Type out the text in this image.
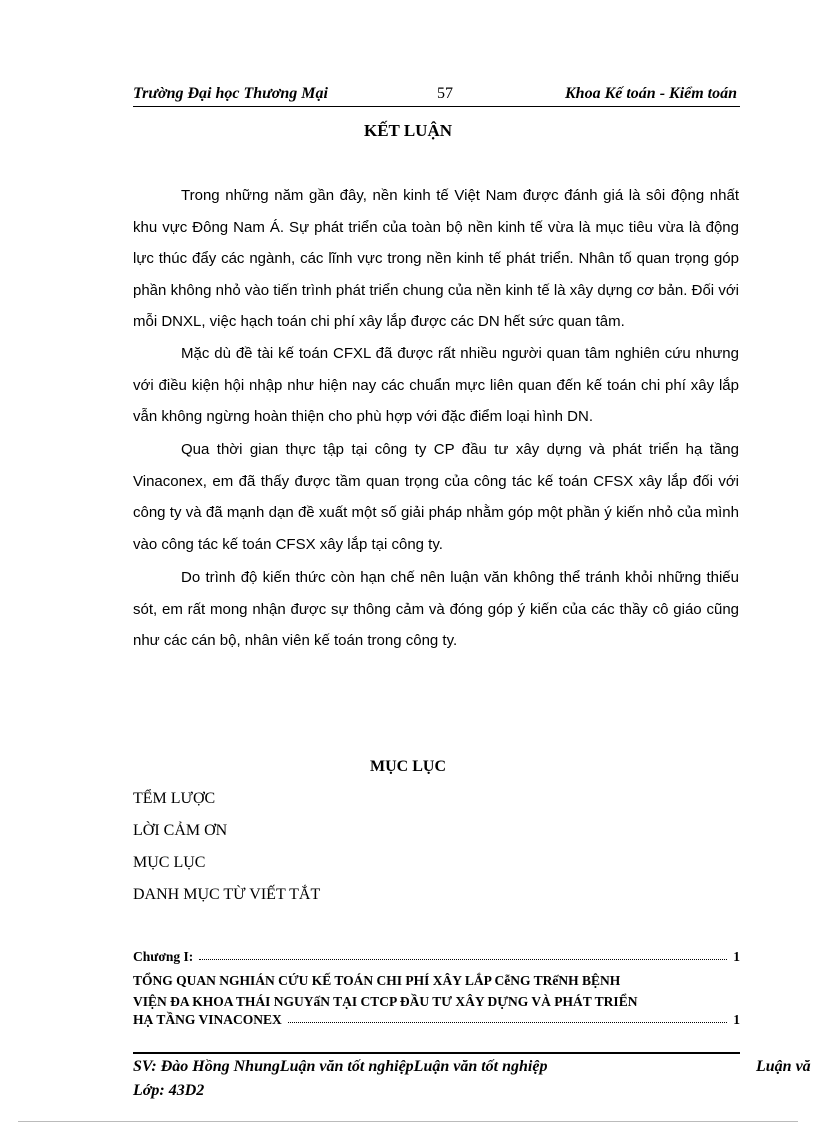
Trường Đại học Thương Mại	57	Khoa Kế toán - Kiểm toán
KẾT LUẬN
Trong những năm gần đây, nền kinh tế Việt Nam được đánh giá là sôi động nhất khu vực Đông Nam Á. Sự phát triển của toàn bộ nền kinh tế vừa là mục tiêu vừa là động lực thúc đẩy các ngành, các lĩnh vực trong nền kinh tế phát triển. Nhân tố quan trọng góp phần không nhỏ vào tiến trình phát triển chung của nền kinh tế là xây dựng cơ bản. Đối với mỗi DNXL, việc hạch toán chi phí xây lắp được các DN hết sức quan tâm.
Mặc dù đề tài kế toán CFXL đã được rất nhiều người quan tâm nghiên cứu nhưng với điều kiện hội nhập như hiện nay các chuẩn mực liên quan đến kế toán chi phí xây lắp vẫn không ngừng hoàn thiện cho phù hợp với đặc điểm loại hình DN.
Qua thời gian thực tập tại công ty CP đầu tư xây dựng và phát triển hạ tầng Vinaconex, em đã thấy được tầm quan trọng của công tác kế toán CFSX xây lắp đối với công ty và đã mạnh dạn đề xuất một số giải pháp nhằm góp một phần ý kiến nhỏ của mình vào công tác kế toán CFSX xây lắp tại công ty.
Do trình độ kiến thức còn hạn chế nên luận văn không thể tránh khỏi những thiếu sót, em rất mong nhận được sự thông cảm và đóng góp ý kiến của các thầy cô giáo cũng như các cán bộ, nhân viên kế toán trong công ty.
MỤC LỤC
TỂM LƯỢC
LỜI CẢM ƠN
MỤC LỤC
DANH MỤC TỪ VIẾT TẮT
Chương I:	1
TỔNG QUAN NGHIÁN CỨU KẾ TOÁN CHI PHÍ XÂY LẮP CễNG TRếNH BỆNH
VIỆN ĐA KHOA THÁI NGUYấN TẠI CTCP ĐẦU TƯ XÂY DỰNG VÀ PHÁT TRIỂN
HẠ TẦNG VINACONEX	1
SV: Đào Hồng NhungLuận văn tốt nghiệpLuận văn tốt nghiệp	Luận vă
Lớp: 43D2
